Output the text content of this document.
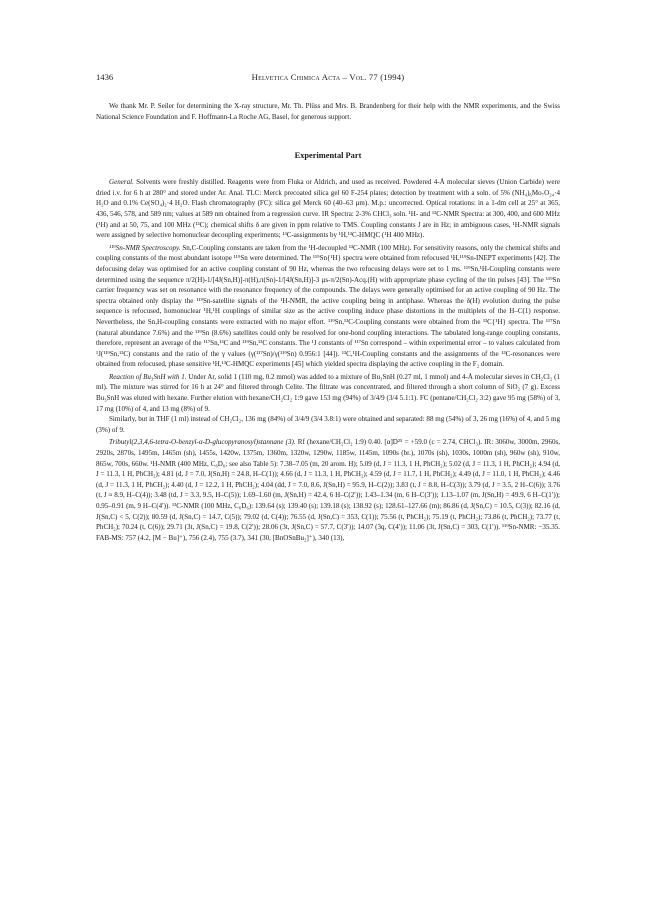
1436	Helvetica Chimica Acta – Vol. 77 (1994)

We thank Mr. P. Seiler for determining the X-ray structure, Mr. Th. Plüss and Mrs. B. Brandenberg for their help with the NMR experiments, and the Swiss National Science Foundation and F. Hoffmann-La Roche AG, Basel, for generous support.

Experimental Part

General. Solvents were freshly distilled. Reagents were from Fluka or Aldrich, and used as received. Powdered 4-Å molecular sieves (Union Carbide) were dried i.v. for 6 h at 280° and stored under Ar. Anal. TLC: Merck precoated silica gel 60 F-254 plates; detection by treatment with a soln. of 5% (NH₄)₆Mo₇O₂₄·4 H₂O and 0.1% Ce(SO₄)₂·4 H₂O. Flash chromatography (FC): silica gel Merck 60 (40–63 µm). M.p.: uncorrected. Optical rotations: in a 1-dm cell at 25° at 365, 436, 546, 578, and 589 nm; values at 589 nm obtained from a regression curve. IR Spectra: 2-3% CHCl₃ soln. ¹H- and ¹³C-NMR Spectra: at 300, 400, and 600 MHz (¹H) and at 50, 75, and 100 MHz (¹³C); chemical shifts δ are given in ppm relative to TMS. Coupling constants J are in Hz; in ambiguous cases, ¹H-NMR signals were assigned by selective homonuclear decoupling experiments; ¹³C-assignments by ¹H,¹³C-HMQC (¹H 400 MHz).

¹¹⁹Sn-NMR Spectroscopy. Sn,C-Coupling constants are taken from the ¹H-decoupled ¹³C-NMR (100 MHz). For sensitivity reasons, only the chemical shifts and coupling constants of the most abundant isotope ¹¹⁹Sn were determined. The ¹¹⁹Sn{¹H} spectra were obtained from refocused ¹H,¹¹⁹Sn-INEPT experiments [42]. The defocusing delay was optimised for an active coupling constant of 90 Hz, whereas the two refocusing delays were set to 1 ms. ¹¹⁹Sn,¹H-Coupling constants were determined using the sequence π/2(H)-1/[4J(Sn,H)]-π(H),π(Sn)-1/[4J(Sn,H)]-3 µs-π/2(Sn)-Acq.(H) with appropriate phase cycling of the tin pulses [43]. The ¹¹⁹Sn carrier frequency was set on resonance with the resonance frequency of the compounds. The delays were generally optimised for an active coupling of 90 Hz. The spectra obtained only display the ¹¹⁹Sn-satellite signals of the ¹H-NMR, the active coupling being in antiphase. Whereas the δ(H) evolution during the pulse sequence is refocused, homonuclear ¹H,¹H couplings of similar size as the active coupling induce phase distortions in the multiplets of the H–C(1) response. Nevertheless, the Sn,H-coupling constants were extracted with no major effort. ¹¹⁹Sn,¹³C-Coupling constants were obtained from the ¹³C{¹H} spectra. The ¹¹⁷Sn (natural abundance 7.6%) and the ¹¹⁹Sn (8.6%) satellites could only be resolved for one-bond coupling interactions. The tabulated long-range coupling constants, therefore, represent an average of the ¹¹⁷Sn,¹³C and ¹¹⁹Sn,¹³C constants. The ¹J constants of ¹¹⁷Sn correspond – within experimental error – to values calculated from ¹J(¹¹⁹Sn,¹³C) constants and the ratio of the γ values (γ(¹¹⁷Sn)/γ(¹¹⁹Sn) 0.956:1 [44]). ¹³C,¹H-Coupling constants and the assignments of the ¹³C-resonances were obtained from refocused, phase sensitive ¹H,¹³C-HMQC experiments [45] which yielded spectra displaying the active coupling in the F₂ domain.

Reaction of Bu₃SnH with 1. Under Ar, solid 1 (110 mg, 0.2 mmol) was added to a mixture of Bu₃SnH (0.27 ml, 1 mmol) and 4-Å molecular sieves in CH₂Cl₂ (1 ml). The mixture was stirred for 16 h at 24° and filtered through Celite. The filtrate was concentrated, and filtered through a short column of SiO₂ (7 g). Excess Bu₃SnH was eluted with hexane. Further elution with hexane/CH₂Cl₂ 1:9 gave 153 mg (94%) of 3/4/9 (3/4 5.1:1). FC (pentane/CH₂Cl₂ 3:2) gave 95 mg (58%) of 3, 17 mg (10%) of 4, and 13 mg (8%) of 9.

Similarly, but in THF (1 ml) instead of CH₂Cl₂, 136 mg (84%) of 3/4/9 (3/4 3.8:1) were obtained and separated: 88 mg (54%) of 3, 26 mg (16%) of 4, and 5 mg (3%) of 9.

Tributyl(2,3,4,6-tetra-O-benzyl-α-D-glucopyranosyl)stannane (3). Rf (hexane/CH₂Cl₂ 1:9) 0.40. [α]D²⁵ = +59.0 (c = 2.74, CHCl₃). IR: 3060w, 3000m, 2960s, 2920s, 2870s, 1495m, 1465m (sh), 1455s, 1420w, 1375m, 1360m, 1320w, 1290w, 1185w, 1145m, 1090s (br.), 1070s (sh), 1030s, 1000m (sh), 960w (sh), 910w, 865w, 700s, 660w. ¹H-NMR (400 MHz, C₆D₆; see also Table 5): 7.38–7.05 (m, 20 arom. H); 5.09 (d, J = 11.3, 1 H, PhCH₂); 5.02 (d, J = 11.3, 1 H, PhCH₂); 4.94 (d, J = 11.3, 1 H, PhCH₂); 4.81 (d, J = 7.0, J(Sn,H) = 24.8, H–C(1)); 4.66 (d, J = 11.3, 1 H, PhCH₂); 4.59 (d, J = 11.7, 1 H, PhCH₂); 4.49 (d, J = 11.0, 1 H, PhCH₂); 4.46 (d, J = 11.3, 1 H, PhCH₂); 4.40 (d, J = 12.2, 1 H, PhCH₂); 4.04 (dd, J = 7.0, 8.6, J(Sn,H) = 95.9, H–C(2)); 3.83 (t, J = 8.8, H–C(3)); 3.79 (d, J = 3.5, 2 H–C(6)); 3.76 (t, J ≈ 8.9, H–C(4)); 3.48 (td, J = 3.3, 9.5, H–C(5)); 1.69–1.60 (m, J(Sn,H) = 42.4, 6 H–C(2′)); 1.43–1.34 (m, 6 H–C(3′)); 1.13–1.07 (m, J(Sn,H) = 49.9, 6 H–C(1′)); 0.95–0.91 (m, 9 H–C(4′)). ¹³C-NMR (100 MHz, C₆D₆): 139.64 (s); 139.40 (s); 139.18 (s); 138.92 (s); 128.61–127.66 (m); 86.86 (d, J(Sn,C) = 10.5, C(3)); 82.16 (d, J(Sn,C) < 5, C(2)); 80.59 (d, J(Sn,C) = 14.7, C(5)); 79.02 (d, C(4)); 76.55 (d, J(Sn,C) = 353, C(1)); 75.56 (t, PhCH₂); 75.19 (t, PhCH₂); 73.86 (t, PhCH₂); 73.77 (t, PhCH₂); 70.24 (t, C(6)); 29.71 (3t, J(Sn,C) = 19.8, C(2′)); 28.06 (3t, J(Sn,C) = 57.7, C(3′)); 14.07 (3q, C(4′)); 11.06 (3t, J(Sn,C) = 303, C(1′)). ¹¹⁹Sn-NMR: −35.35. FAB-MS: 757 (4.2, [M − Bu]⁺), 756 (2.4), 755 (3.7), 341 (30, [BnOSnBu₂]⁺), 340 (13),
